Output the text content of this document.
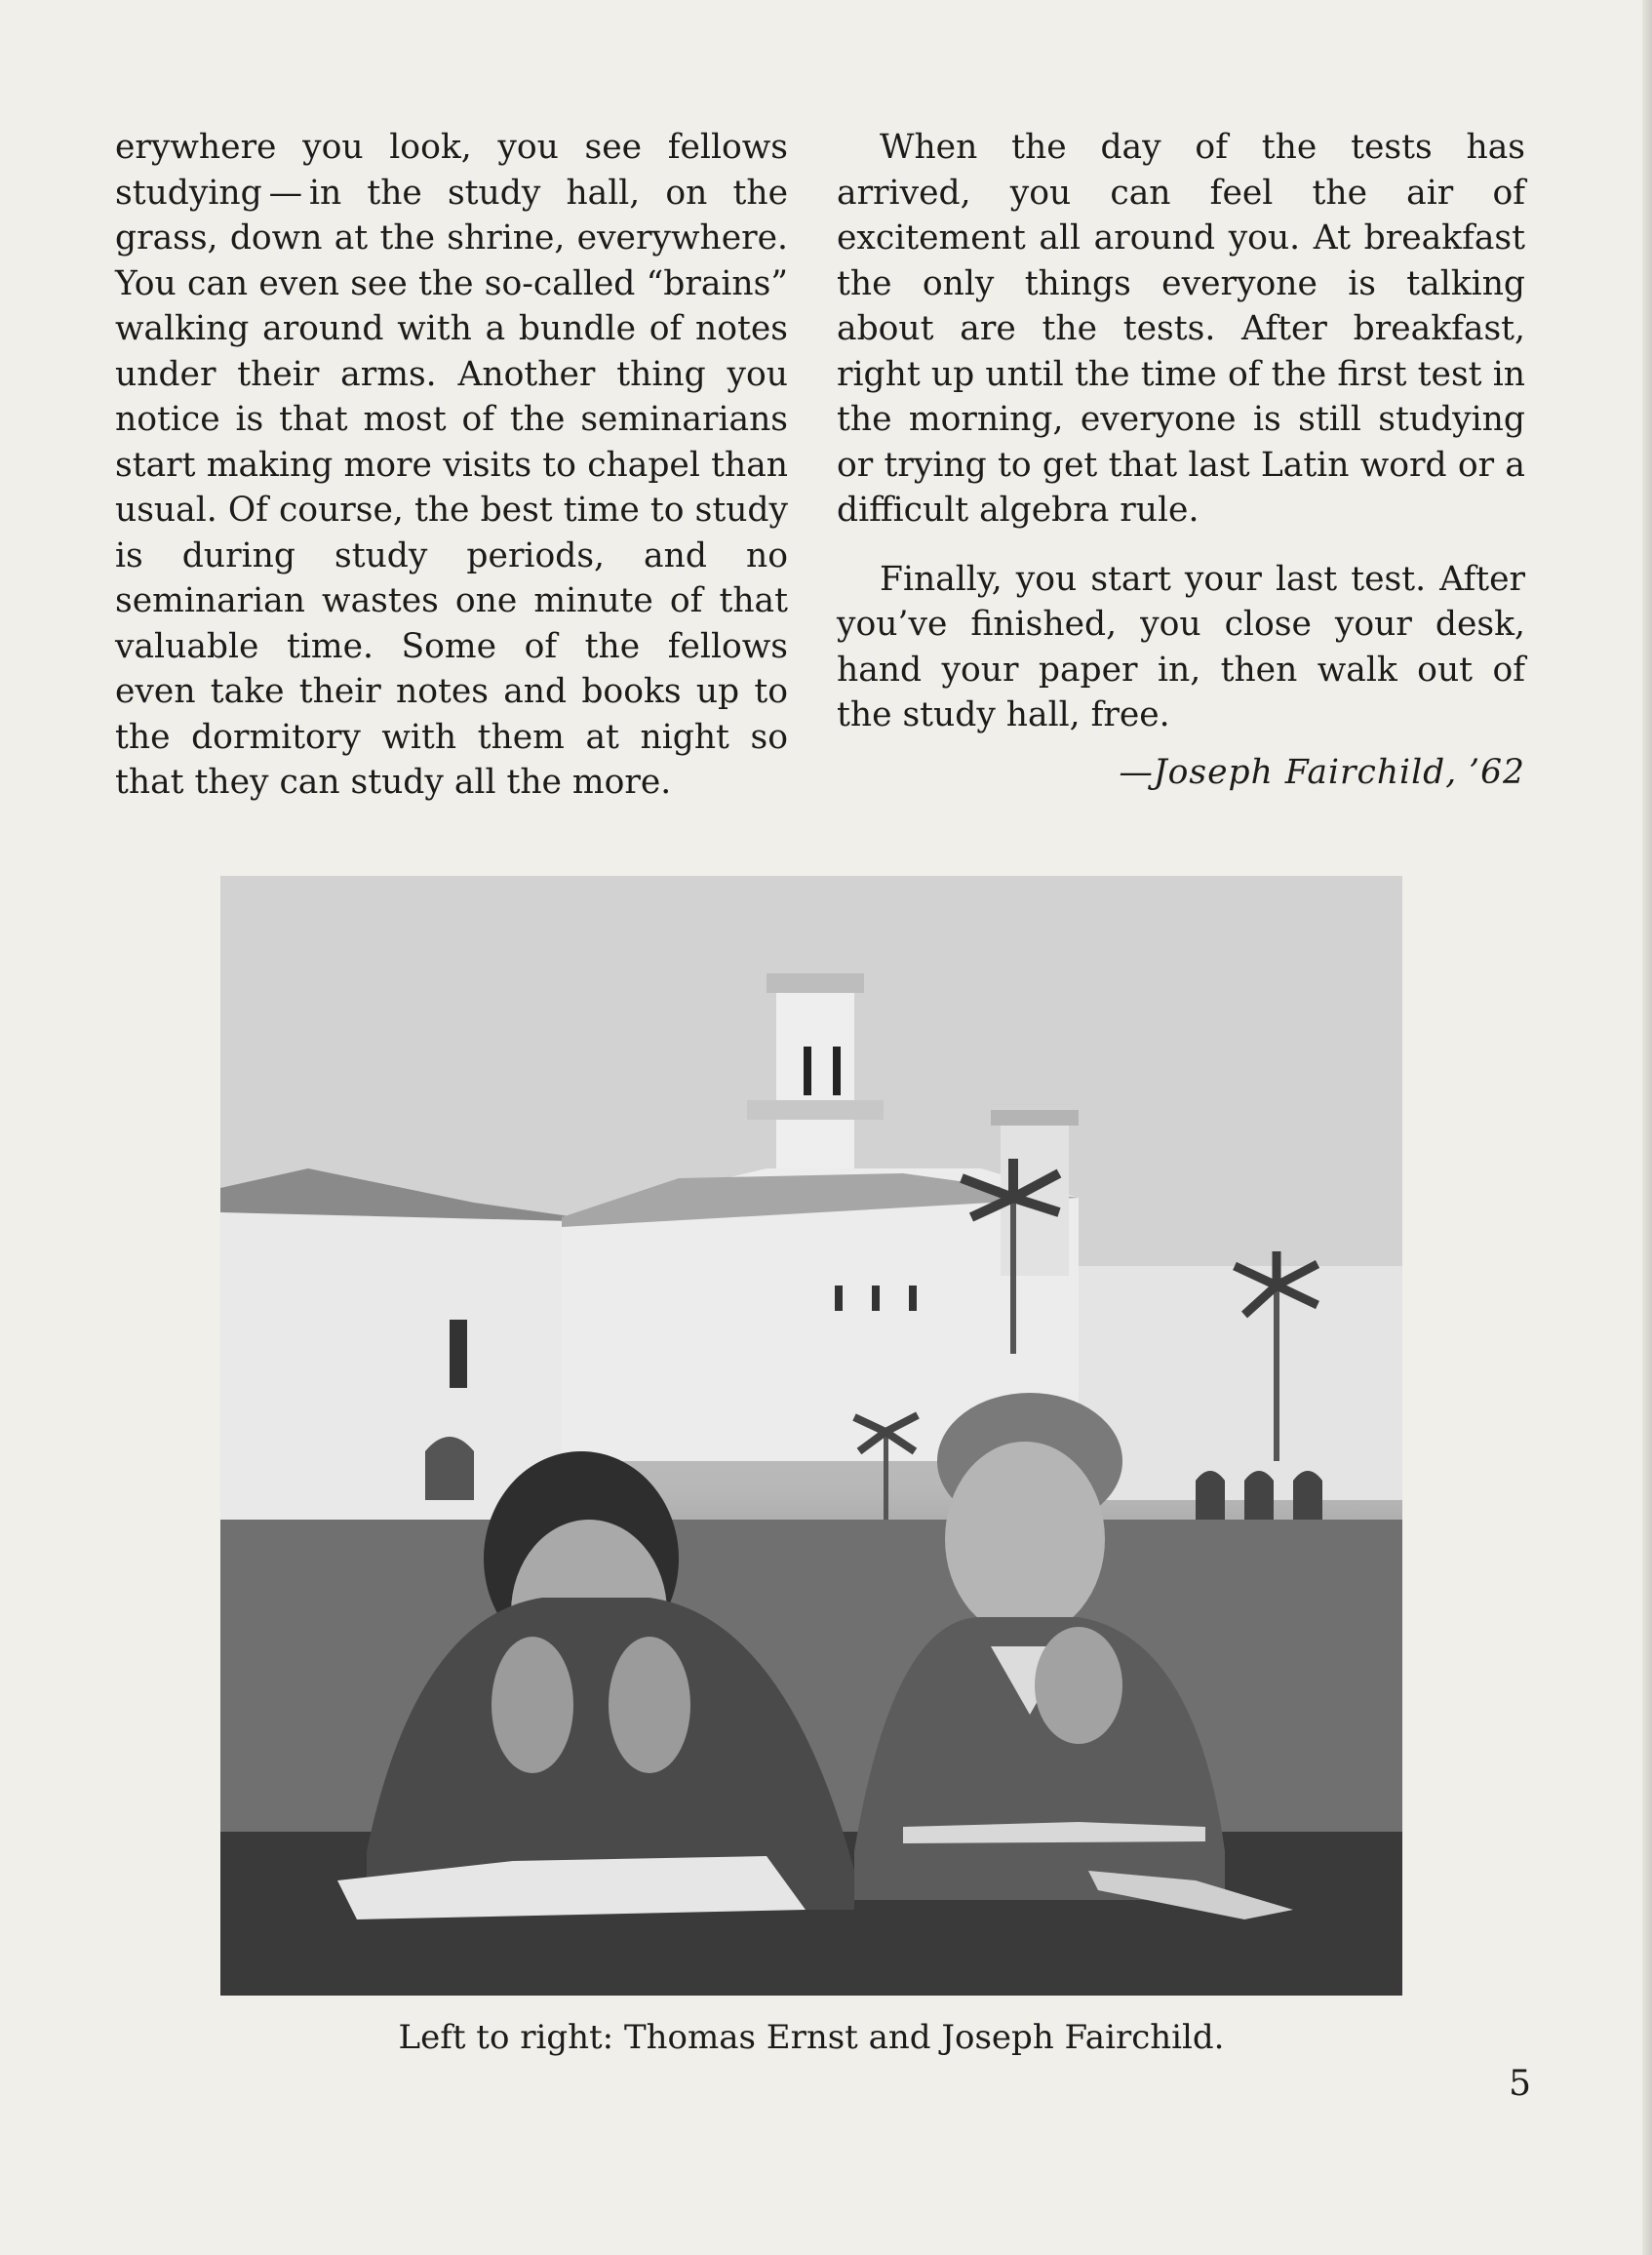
erywhere you look, you see fellows studying — in the study hall, on the grass, down at the shrine, everywhere. You can even see the so-called “brains” walking around with a bundle of notes under their arms. Another thing you notice is that most of the seminarians start making more visits to chapel than usual. Of course, the best time to study is during study periods, and no seminarian wastes one minute of that valuable time. Some of the fellows even take their notes and books up to the dormitory with them at night so that they can study all the more.

When the day of the tests has arrived, you can feel the air of excitement all around you. At breakfast the only things everyone is talking about are the tests. After breakfast, right up until the time of the first test in the morning, everyone is still studying or trying to get that last Latin word or a difficult algebra rule.

Finally, you start your last test. After you’ve finished, you close your desk, hand your paper in, then walk out of the study hall, free.

—Joseph Fairchild, ’62

Left to right: Thomas Ernst and Joseph Fairchild.
5
